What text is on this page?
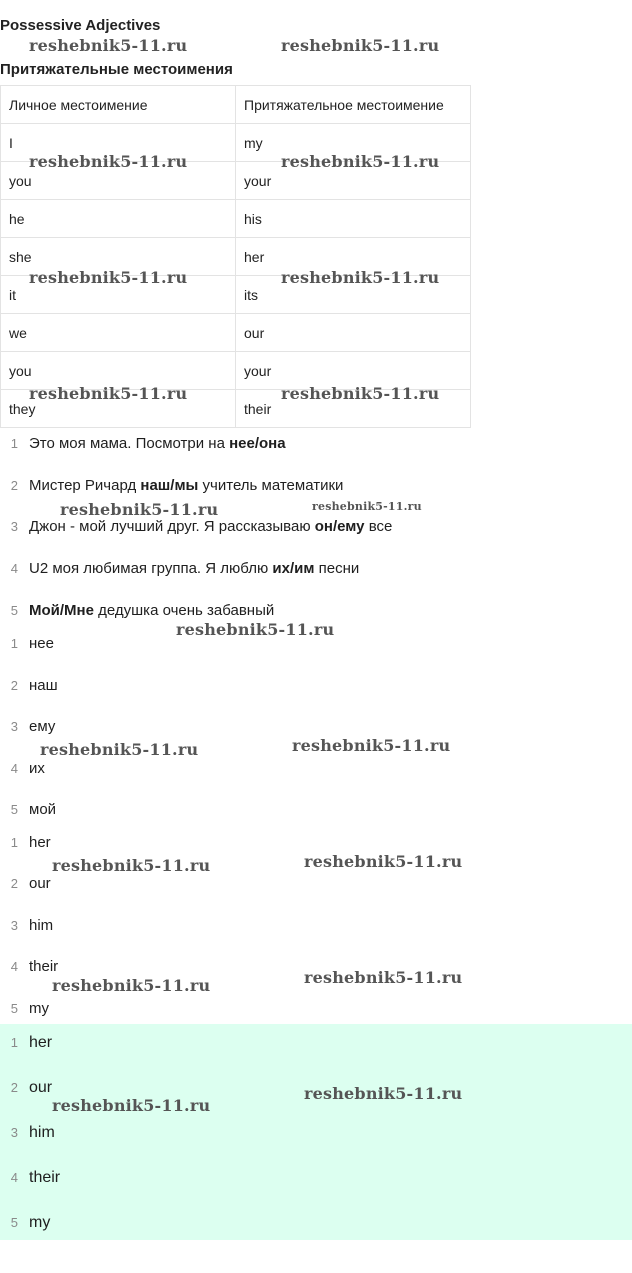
Possessive Adjectives
Притяжательные местоимения
Личное местоимение	Притяжательное местоимение
I	my
you	your
he	his
she	her
it	its
we	our
you	your
they	their
1 Это моя мама. Посмотри на нее/она
2 Мистер Ричард наш/мы учитель математики
3 Джон - мой лучший друг. Я рассказываю он/ему все
4 U2 моя любимая группа. Я люблю их/им песни
5 Мой/Мне дедушка очень забавный
1 нее
2 наш
3 ему
4 их
5 мой
1 her
2 our
3 him
4 their
5 my
1 her
2 our
3 him
4 their
5 my
reshebnik5-11.ru	reshebnik5-11.ru
reshebnik5-11.ru	reshebnik5-11.ru
reshebnik5-11.ru	reshebnik5-11.ru
reshebnik5-11.ru	reshebnik5-11.ru
reshebnik5-11.ru	reshebnik5-11.ru
reshebnik5-11.ru
reshebnik5-11.ru	reshebnik5-11.ru
reshebnik5-11.ru	reshebnik5-11.ru
reshebnik5-11.ru	reshebnik5-11.ru
reshebnik5-11.ru
reshebnik5-11.ru
